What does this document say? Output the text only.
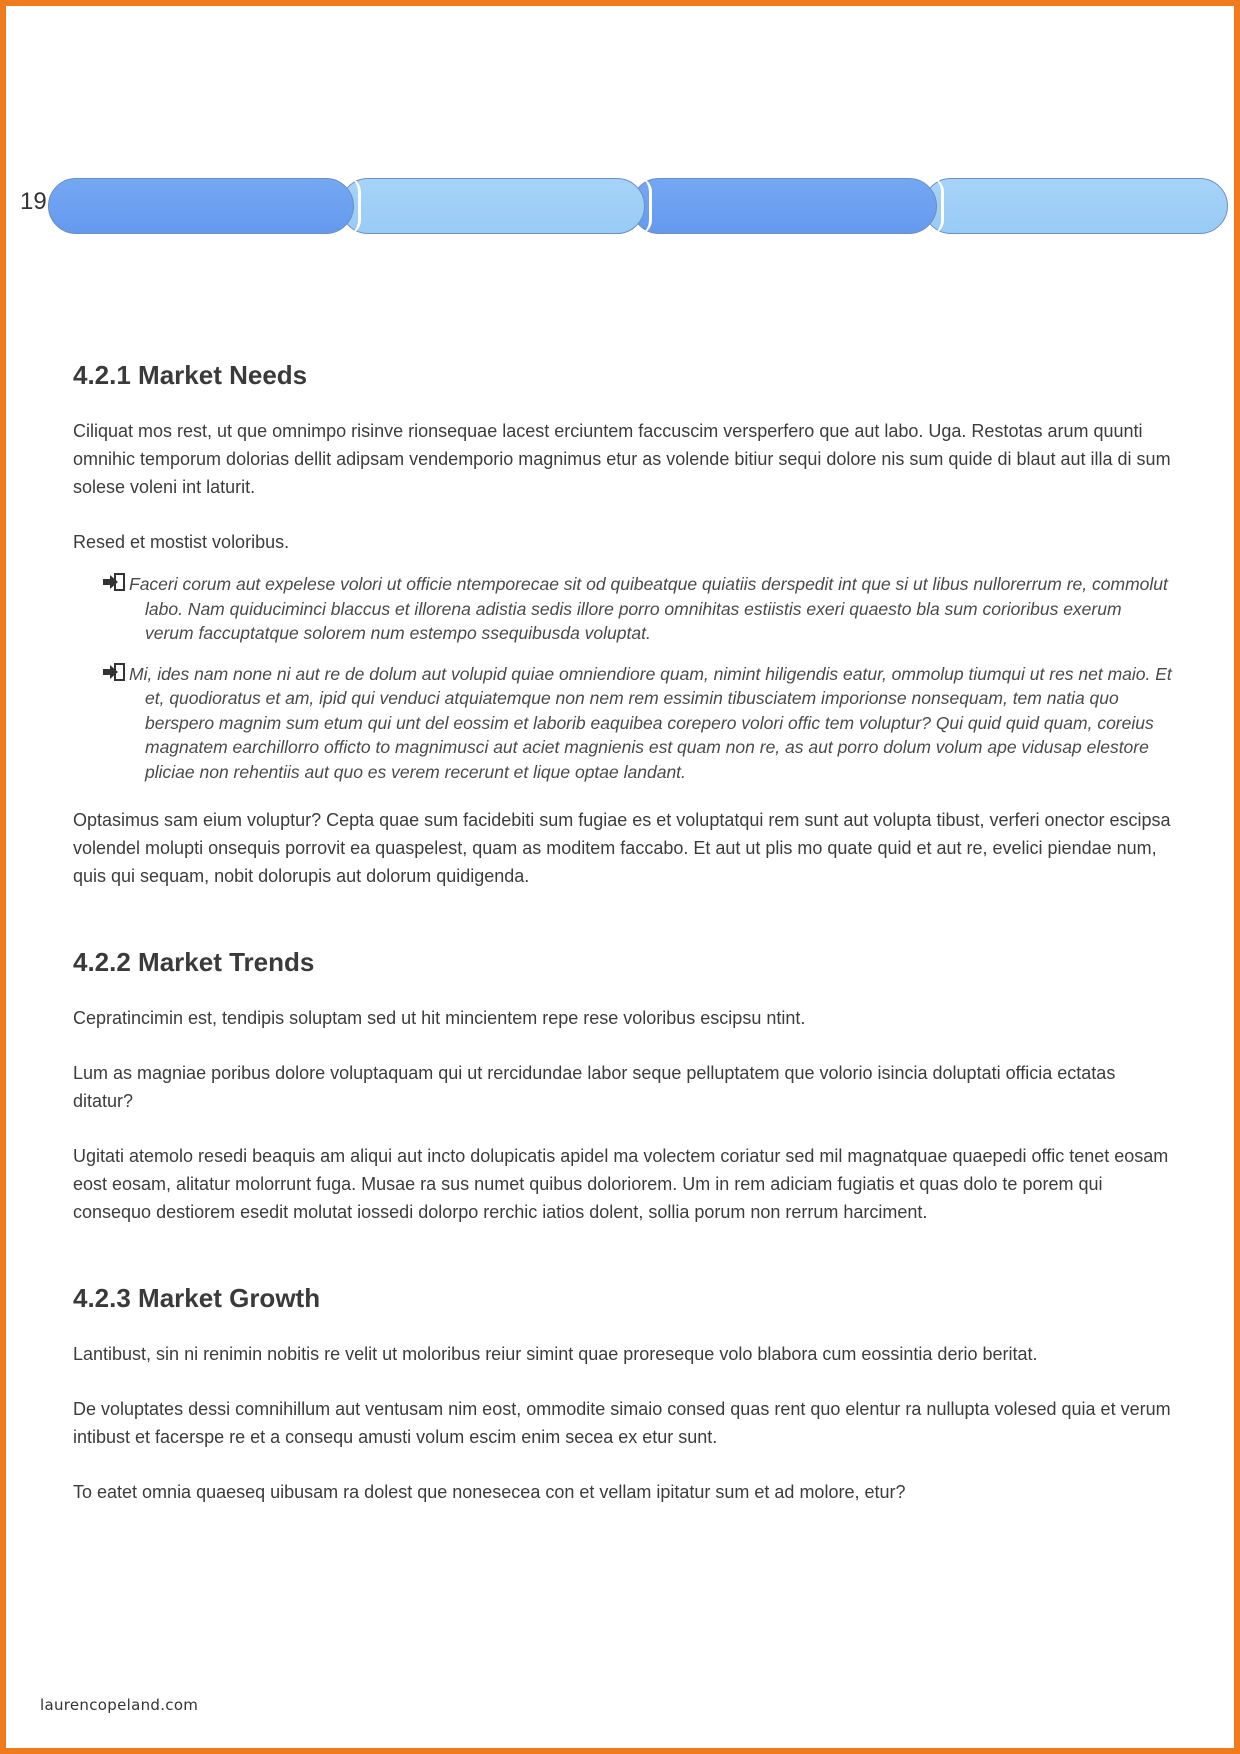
19
4.2.1 Market Needs

Ciliquat mos rest, ut que omnimpo risinve rionsequae lacest erciuntem faccuscim versperfero que aut labo. Uga. Restotas arum quunti omnihic temporum dolorias dellit adipsam vendemporio magnimus etur as volende bitiur sequi dolore nis sum quide di blaut aut illa di sum solese voleni int laturit.

Resed et mostist voloribus.

Faceri corum aut expelese volori ut officie ntemporecae sit od quibeatque quiatiis derspedit int que si ut libus nullorerrum re, commolut labo. Nam quiduciminci blaccus et illorena adistia sedis illore porro omnihitas estiistis exeri quaesto bla sum corioribus exerum verum faccuptatque solorem num estempo ssequibusda voluptat.
Mi, ides nam none ni aut re de dolum aut volupid quiae omniendiore quam, nimint hiligendis eatur, ommolup tiumqui ut res net maio. Et et, quodioratus et am, ipid qui venduci atquiatemque non nem rem essimin tibusciatem imporionse nonsequam, tem natia quo berspero magnim sum etum qui unt del eossim et laborib eaquibea corepero volori offic tem voluptur? Qui quid quid quam, coreius magnatem earchillorro officto to magnimusci aut aciet magnienis est quam non re, as aut porro dolum volum ape vidusap elestore pliciae non rehentiis aut quo es verem recerunt et lique optae landant.

Optasimus sam eium voluptur? Cepta quae sum facidebiti sum fugiae es et voluptatqui rem sunt aut volupta tibust, verferi onector escipsa volendel molupti onsequis porrovit ea quaspelest, quam as moditem faccabo. Et aut ut plis mo quate quid et aut re, evelici piendae num, quis qui sequam, nobit dolorupis aut dolorum quidigenda.

4.2.2 Market Trends

Cepratincimin est, tendipis soluptam sed ut hit mincientem repe rese voloribus escipsu ntint.

Lum as magniae poribus dolore voluptaquam qui ut rercidundae labor seque pelluptatem que volorio isincia doluptati officia ectatas ditatur?

Ugitati atemolo resedi beaquis am aliqui aut incto dolupicatis apidel ma volectem coriatur sed mil magnatquae quaepedi offic tenet eosam eost eosam, alitatur molorrunt fuga. Musae ra sus numet quibus doloriorem. Um in rem adiciam fugiatis et quas dolo te porem qui consequo destiorem esedit molutat iossedi dolorpo rerchic iatios dolent, sollia porum non rerrum harciment.

4.2.3 Market Growth

Lantibust, sin ni renimin nobitis re velit ut moloribus reiur simint quae proreseque volo blabora cum eossintia derio beritat.

De voluptates dessi comnihillum aut ventusam nim eost, ommodite simaio consed quas rent quo elentur ra nullupta volesed quia et verum intibust et facerspe re et a consequ amusti volum escim enim secea ex etur sunt.

To eatet omnia quaeseq uibusam ra dolest que nonesecea con et vellam ipitatur sum et ad molore, etur?

laurencopeland.com
